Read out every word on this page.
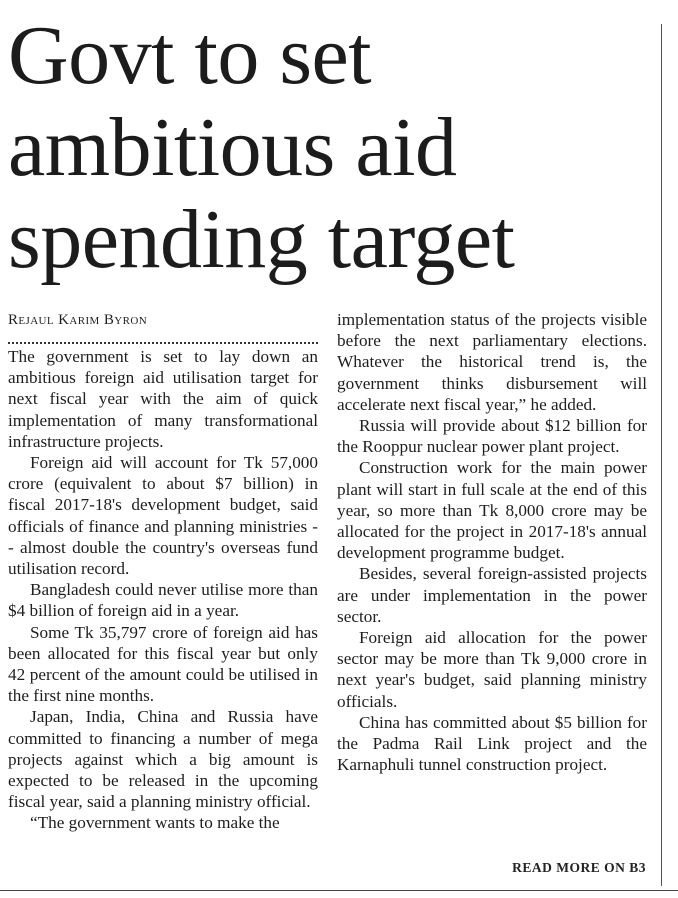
Govt to set
ambitious aid
spending target
Rejaul Karim Byron

The government is set to lay down an ambitious foreign aid utilisation target for next fiscal year with the aim of quick implementation of many transformational infrastructure projects.

Foreign aid will account for Tk 57,000 crore (equivalent to about $7 billion) in fiscal 2017-18's development budget, said officials of finance and planning ministries -- almost double the country's overseas fund utilisation record.

Bangladesh could never utilise more than $4 billion of foreign aid in a year.

Some Tk 35,797 crore of foreign aid has been allocated for this fiscal year but only 42 percent of the amount could be utilised in the first nine months.

Japan, India, China and Russia have committed to financing a number of mega projects against which a big amount is expected to be released in the upcoming fiscal year, said a planning ministry official.

“The government wants to make the

implementation status of the projects visible before the next parliamentary elections. Whatever the historical trend is, the government thinks disbursement will accelerate next fiscal year,” he added.

Russia will provide about $12 billion for the Rooppur nuclear power plant project.

Construction work for the main power plant will start in full scale at the end of this year, so more than Tk 8,000 crore may be allocated for the project in 2017-18's annual development programme budget.

Besides, several foreign-assisted projects are under implementation in the power sector.

Foreign aid allocation for the power sector may be more than Tk 9,000 crore in next year's budget, said planning ministry officials.

China has committed about $5 billion for the Padma Rail Link project and the Karnaphuli tunnel construction project.

READ MORE ON B3
